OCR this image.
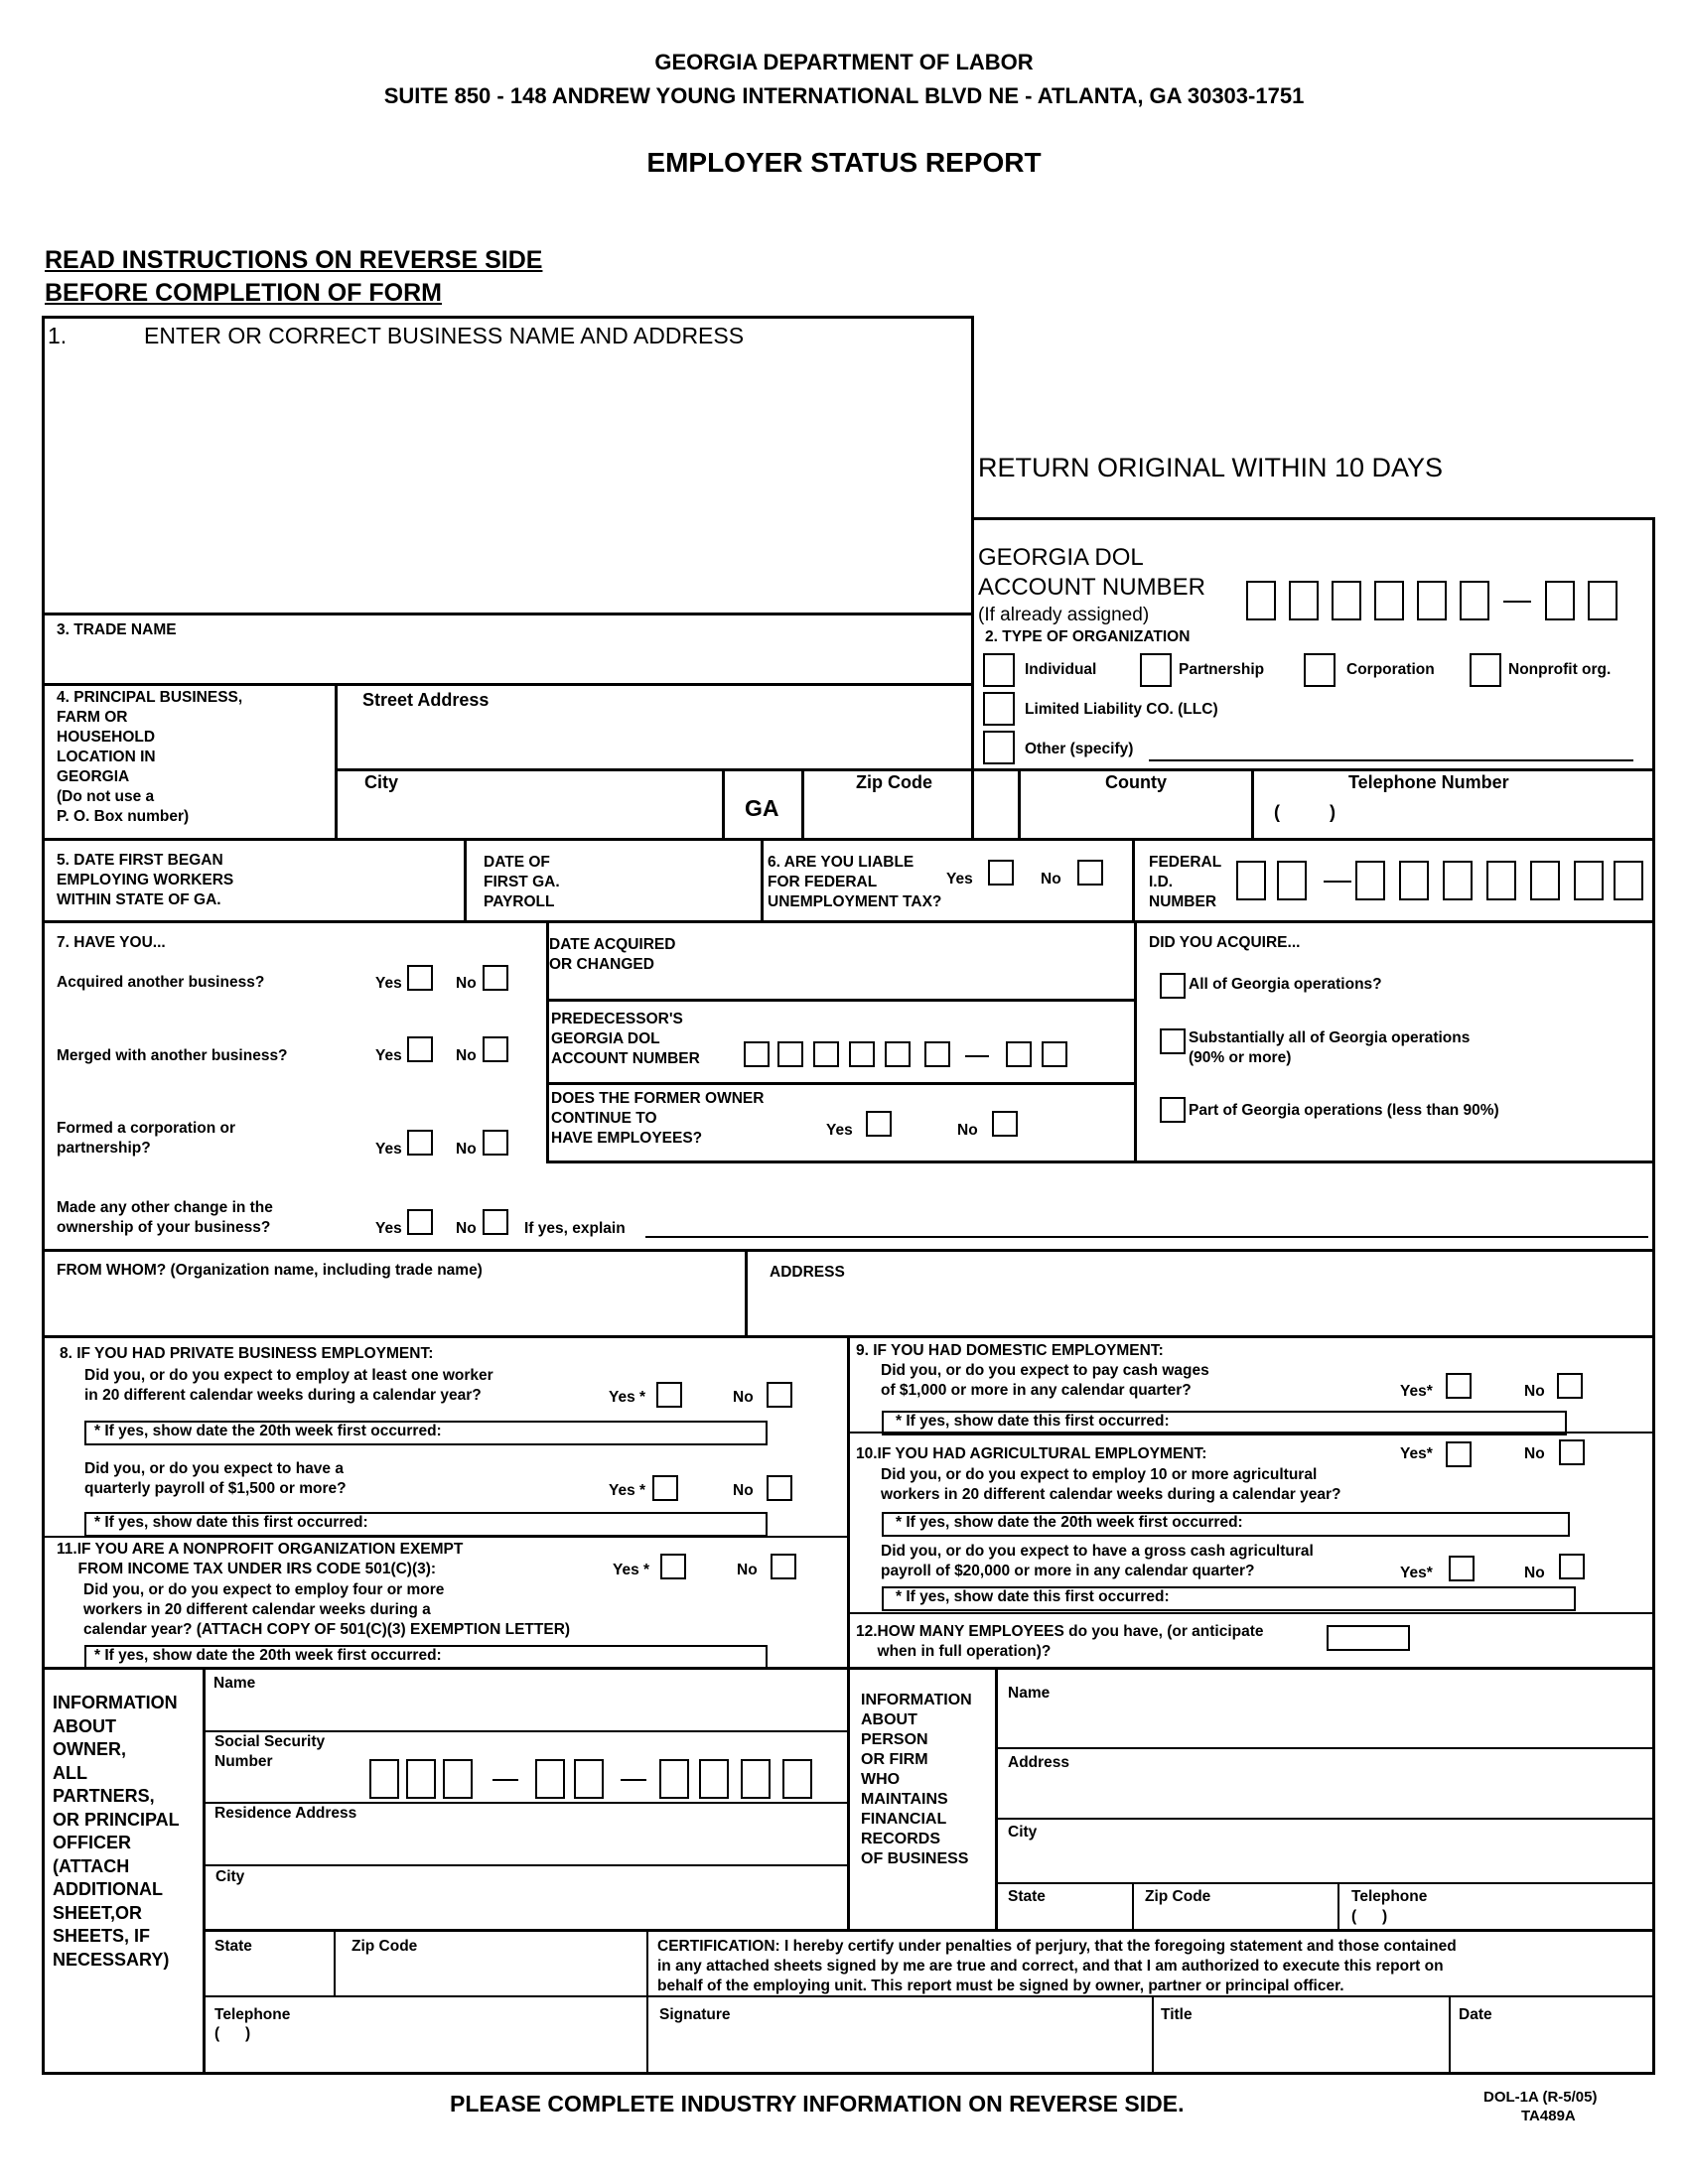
GEORGIA DEPARTMENT OF LABOR
SUITE 850 - 148 ANDREW YOUNG INTERNATIONAL BLVD NE - ATLANTA, GA 30303-1751
EMPLOYER STATUS REPORT
READ INSTRUCTIONS ON REVERSE SIDE
BEFORE COMPLETION OF FORM
RETURN ORIGINAL WITHIN 10 DAYS
1.	ENTER OR CORRECT BUSINESS NAME AND ADDRESS
GEORGIA DOL
ACCOUNT NUMBER
(If already assigned)
2. TYPE OF ORGANIZATION
Individual	Partnership	Corporation	Nonprofit org.
Limited Liability CO. (LLC)
Other (specify)
3. TRADE NAME
4. PRINCIPAL BUSINESS,
FARM OR
HOUSEHOLD
LOCATION IN
GEORGIA
(Do not use a
P. O. Box number)
Street Address
City
GA
Zip Code	County	Telephone Number
(          )
5. DATE FIRST BEGAN
EMPLOYING WORKERS
WITHIN STATE OF GA.
DATE OF
FIRST GA.
PAYROLL
6. ARE YOU LIABLE
FOR FEDERAL
UNEMPLOYMENT TAX?
Yes	No
FEDERAL
I.D.
NUMBER
7. HAVE YOU...
Acquired another business?	Yes	No
Merged with another business?	Yes	No
Formed a corporation or
partnership?	Yes	No
Made any other change in the
ownership of your business?	Yes	No	If yes, explain
DATE ACQUIRED
OR CHANGED
PREDECESSOR'S
GEORGIA DOL
ACCOUNT NUMBER
DOES THE FORMER OWNER
CONTINUE TO
HAVE EMPLOYEES?	Yes	No
DID YOU ACQUIRE...
All of Georgia operations?
Substantially all of Georgia operations
(90% or more)
Part of Georgia operations (less than 90%)
FROM WHOM? (Organization name, including trade name)	ADDRESS
8. IF YOU HAD PRIVATE BUSINESS EMPLOYMENT:
Did you, or do you expect to employ at least one worker
in 20 different calendar weeks during a calendar year?	Yes *	No
* If yes, show date the 20th week first occurred:
Did you, or do you expect to have a
quarterly payroll of $1,500 or more?	Yes *	No
* If yes, show date this first occurred:
11.IF YOU ARE A NONPROFIT ORGANIZATION EXEMPT
FROM INCOME TAX UNDER IRS CODE 501(C)(3):	Yes *	No
Did you, or do you expect to employ four or more
workers in 20 different calendar weeks during a
calendar year? (ATTACH COPY OF 501(C)(3) EXEMPTION LETTER)
* If yes, show date the 20th week first occurred:
9. IF YOU HAD DOMESTIC EMPLOYMENT:
Did you, or do you expect to pay cash wages
of $1,000 or more in any calendar quarter?	Yes*	No
* If yes, show date this first occurred:
10.IF YOU HAD AGRICULTURAL EMPLOYMENT:	Yes*	No
Did you, or do you expect to employ 10 or more agricultural
workers in 20 different calendar weeks during a calendar year?
* If yes, show date the 20th week first occurred:
Did you, or do you expect to have a gross cash agricultural
payroll of $20,000 or more in any calendar quarter?	Yes*	No
* If yes, show date this first occurred:
12.HOW MANY EMPLOYEES do you have, (or anticipate
when in full operation)?
INFORMATION
ABOUT
OWNER,
ALL
PARTNERS,
OR PRINCIPAL
OFFICER
(ATTACH
ADDITIONAL
SHEET,OR
SHEETS, IF
NECESSARY)
Name
Social Security
Number
Residence Address
City
State	Zip Code
Telephone
(      )
INFORMATION
ABOUT
PERSON
OR FIRM
WHO
MAINTAINS
FINANCIAL
RECORDS
OF BUSINESS
Name
Address
City
State	Zip Code	Telephone
(      )
CERTIFICATION: I hereby certify under penalties of perjury, that the foregoing statement and those contained
in any attached sheets signed by me are true and correct, and that I am authorized to execute this report on
behalf of the employing unit. This report must be signed by owner, partner or principal officer.
Signature	Title	Date
PLEASE COMPLETE INDUSTRY INFORMATION ON REVERSE SIDE.	DOL-1A (R-5/05)
TA489A
